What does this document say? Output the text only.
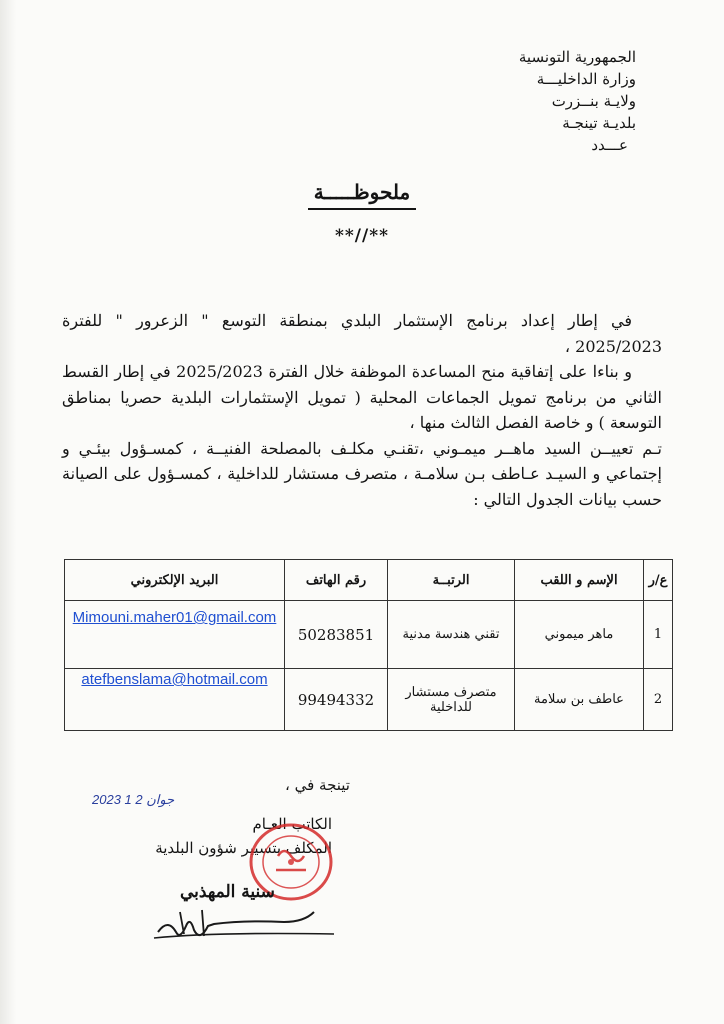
الجمهورية التونسية
وزارة الداخليـــة
ولايـة بنــزرت
بلديـة تينجـة
عـــدد
ملحوظـــــة
**//**

في إطار إعداد برنامج الإستثمار البلدي بمنطقة التوسع " الزعرور " للفترة 2025/2023 ،

و بناءا على إتفاقية منح المساعدة الموظفة خلال الفترة 2025/2023 في إطار القسط الثاني من برنامج تمويل الجماعات المحلية ( تمويل الإستثمارات البلدية حصريا بمناطق التوسعة ) و خاصة الفصل الثالث منها ،

تـم تعييــن السيد ماهــر ميمـوني ،تقنـي مكلـف بالمصلحة الفنيــة ، كمسـؤول بيئـي و إجتماعي و السيـد عـاطف بـن سلامـة ، متصرف مستشار للداخلية ، كمسـؤول على الصيانة حسب بيانات الجدول التالي :

ع/ر	الإسم و اللقب	الرتبــة	رقم الهاتف	البريد الإلكتروني
1	ماهر ميموني	تقني هندسة مدنية	50283851	Mimouni.maher01@gmail.com
2	عاطف بن سلامة	متصرف مستشار للداخلية	99494332	atefbenslama@hotmail.com
تينجة في ،
2023 جوان 2 1
الكاتب العـام
المكلف بتسيير شؤون البلدية
سنية المهذبي
